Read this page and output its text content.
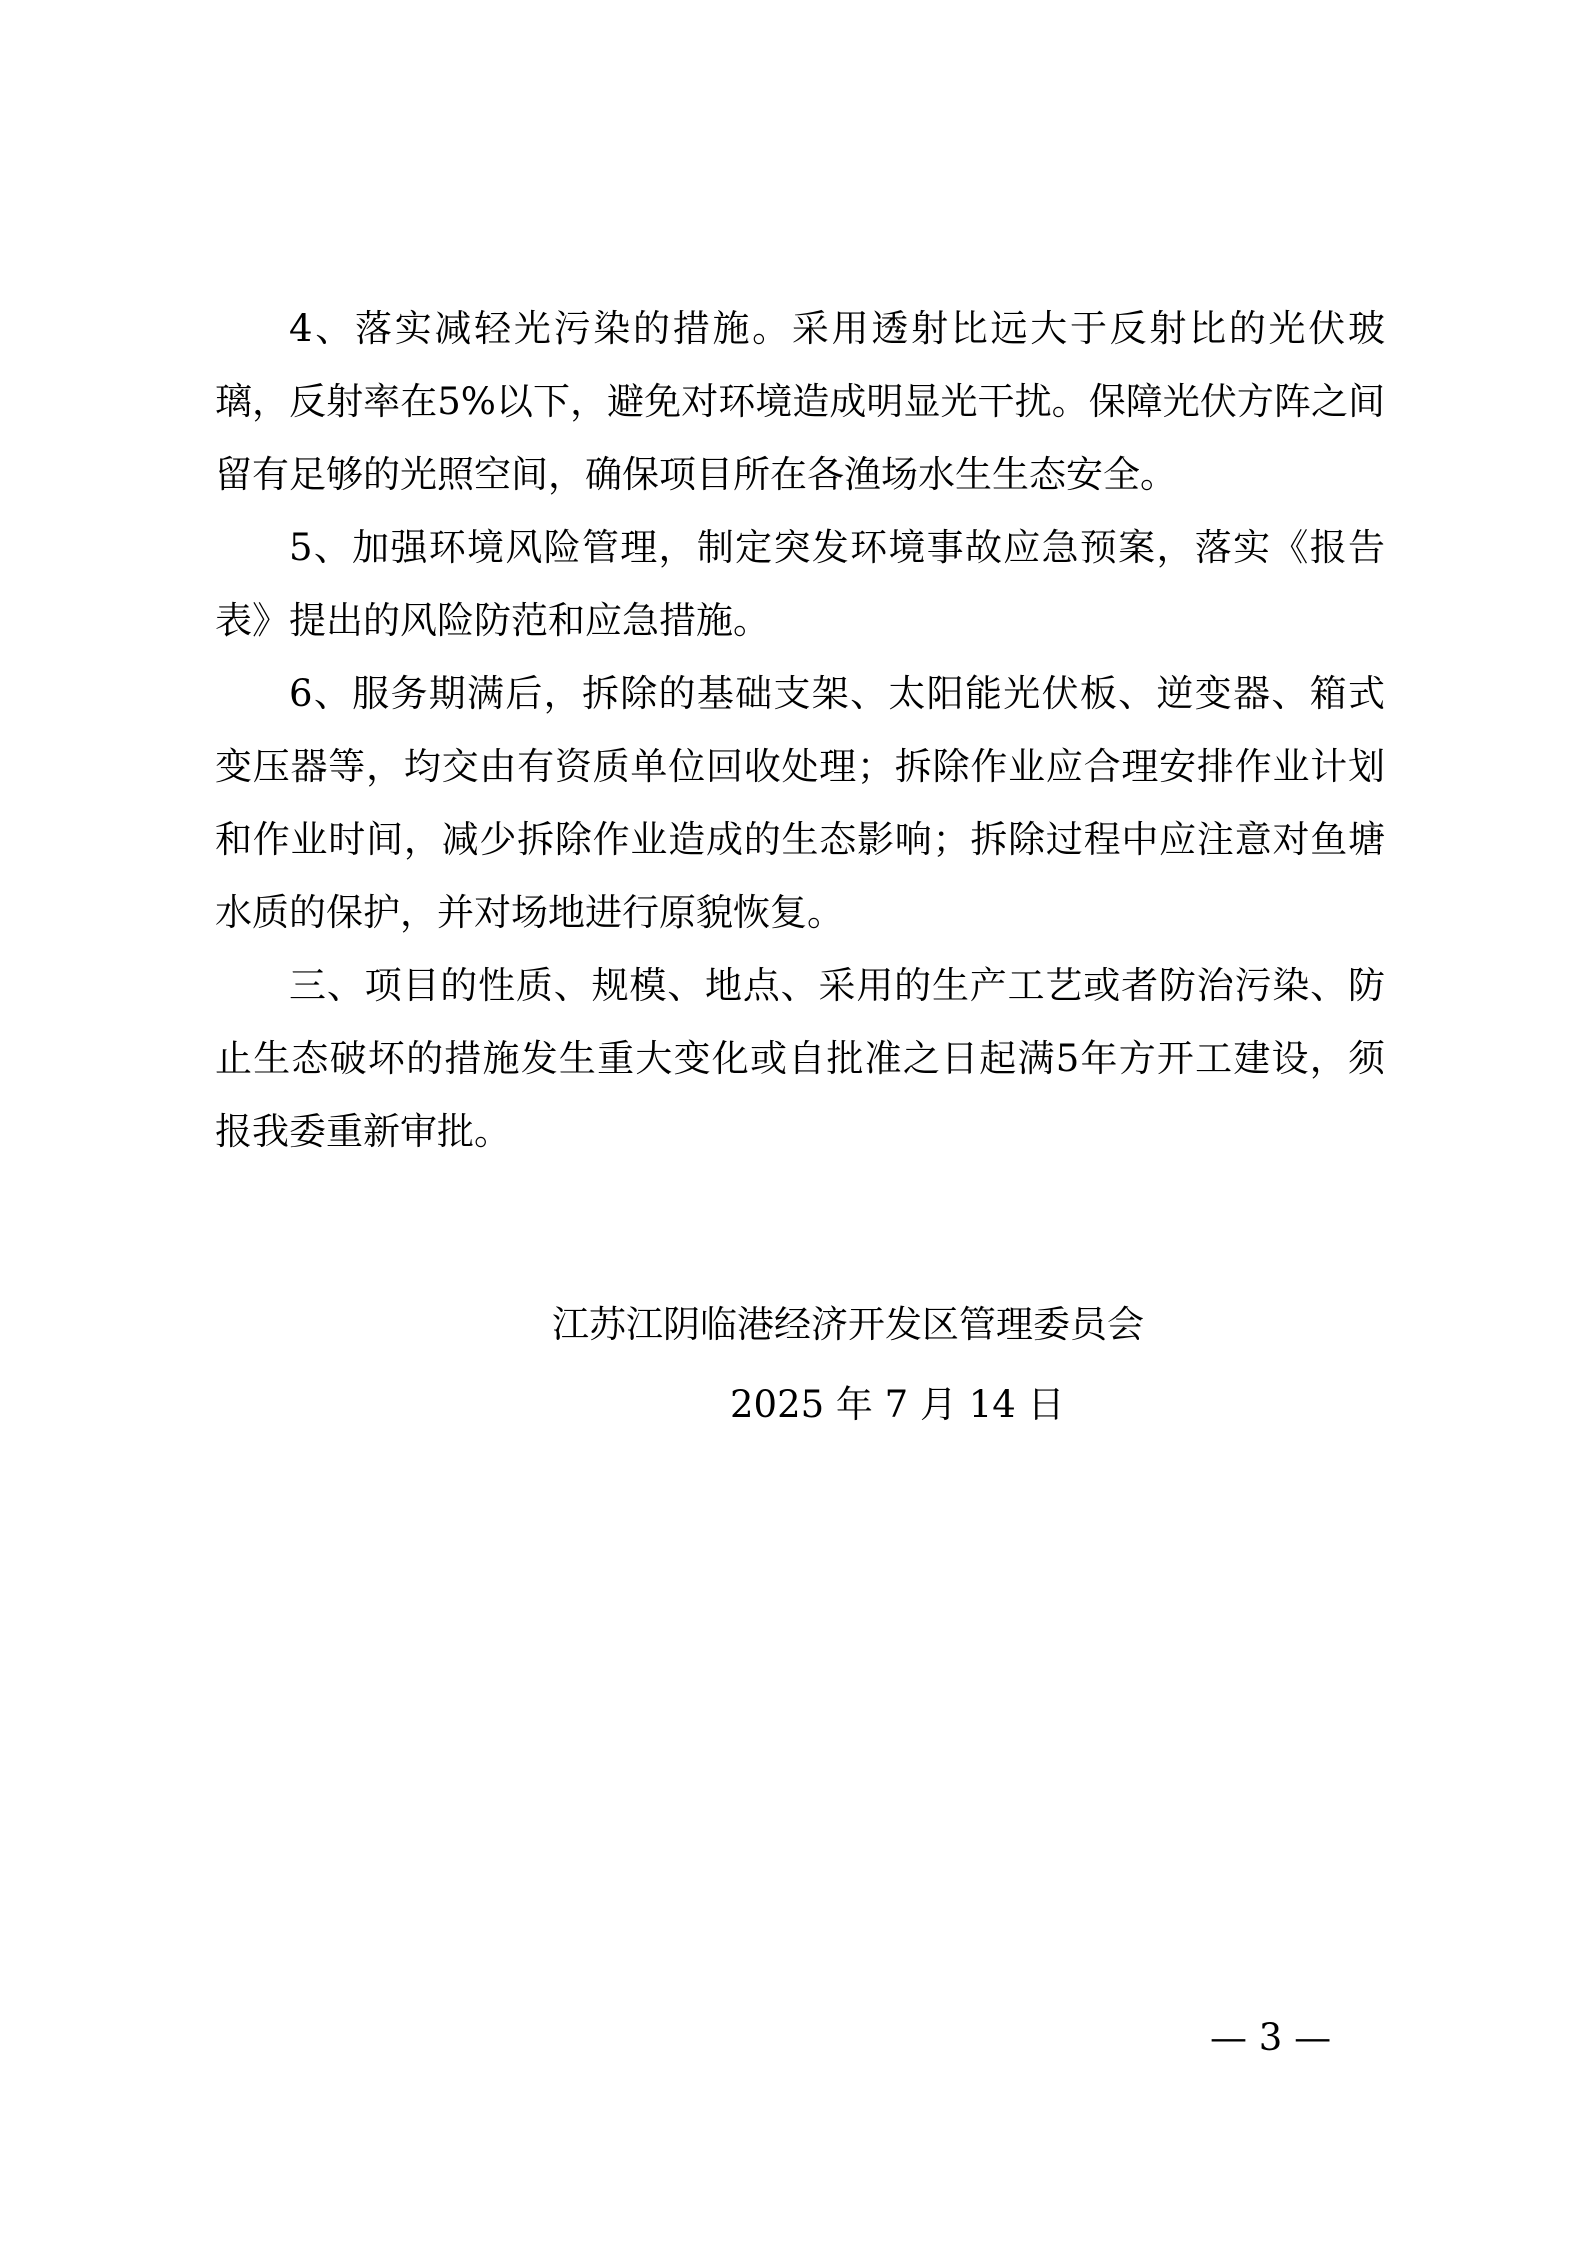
4、落实减轻光污染的措施。采用透射比远大于反射比的光伏玻璃，反射率在5%以下，避免对环境造成明显光干扰。保障光伏方阵之间留有足够的光照空间，确保项目所在各渔场水生生态安全。

5、加强环境风险管理，制定突发环境事故应急预案，落实《报告表》提出的风险防范和应急措施。

6、服务期满后，拆除的基础支架、太阳能光伏板、逆变器、箱式变压器等，均交由有资质单位回收处理；拆除作业应合理安排作业计划和作业时间，减少拆除作业造成的生态影响；拆除过程中应注意对鱼塘水质的保护，并对场地进行原貌恢复。

三、项目的性质、规模、地点、采用的生产工艺或者防治污染、防止生态破坏的措施发生重大变化或自批准之日起满5年方开工建设，须报我委重新审批。

江苏江阴临港经济开发区管理委员会
2025 年 7 月 14 日
— 3 —
